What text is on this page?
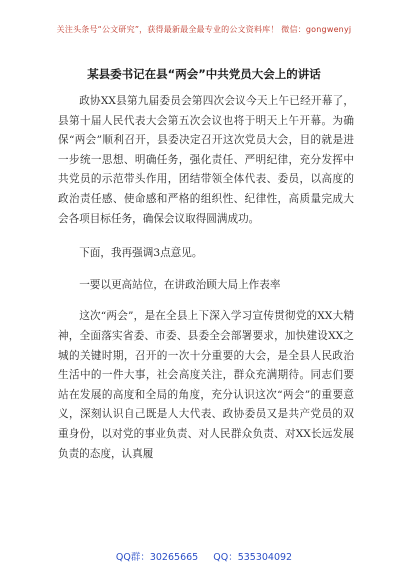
关注头条号“公文研究”，获得最新最全最专业的公文资料库！ 微信：gongwenyj
某县委书记在县“两会”中共党员大会上的讲话

政协XX县第九届委员会第四次会议今天上午已经开幕了，县第十届人民代表大会第五次会议也将于明天上午开幕。为确保“两会”顺利召开，县委决定召开这次党员大会，目的就是进一步统一思想、明确任务，强化责任、严明纪律，充分发挥中共党员的示范带头作用，团结带领全体代表、委员，以高度的政治责任感、使命感和严格的组织性、纪律性，高质量完成大会各项目标任务，确保会议取得圆满成功。

下面，我再强调3点意见。

一要以更高站位，在讲政治顾大局上作表率

这次“两会”，是在全县上下深入学习宣传贯彻党的XX大精神，全面落实省委、市委、县委全会部署要求，加快建设XX之城的关键时期，召开的一次十分重要的大会，是全县人民政治生活中的一件大事，社会高度关注，群众充满期待。同志们要站在发展的高度和全局的角度，充分认识这次“两会”的重要意义，深刻认识自己既是人大代表、政协委员又是共产党员的双重身份，以对党的事业负责、对人民群众负责、对XX长远发展负责的态度，认真履

QQ群：30265665 QQ：535304092
